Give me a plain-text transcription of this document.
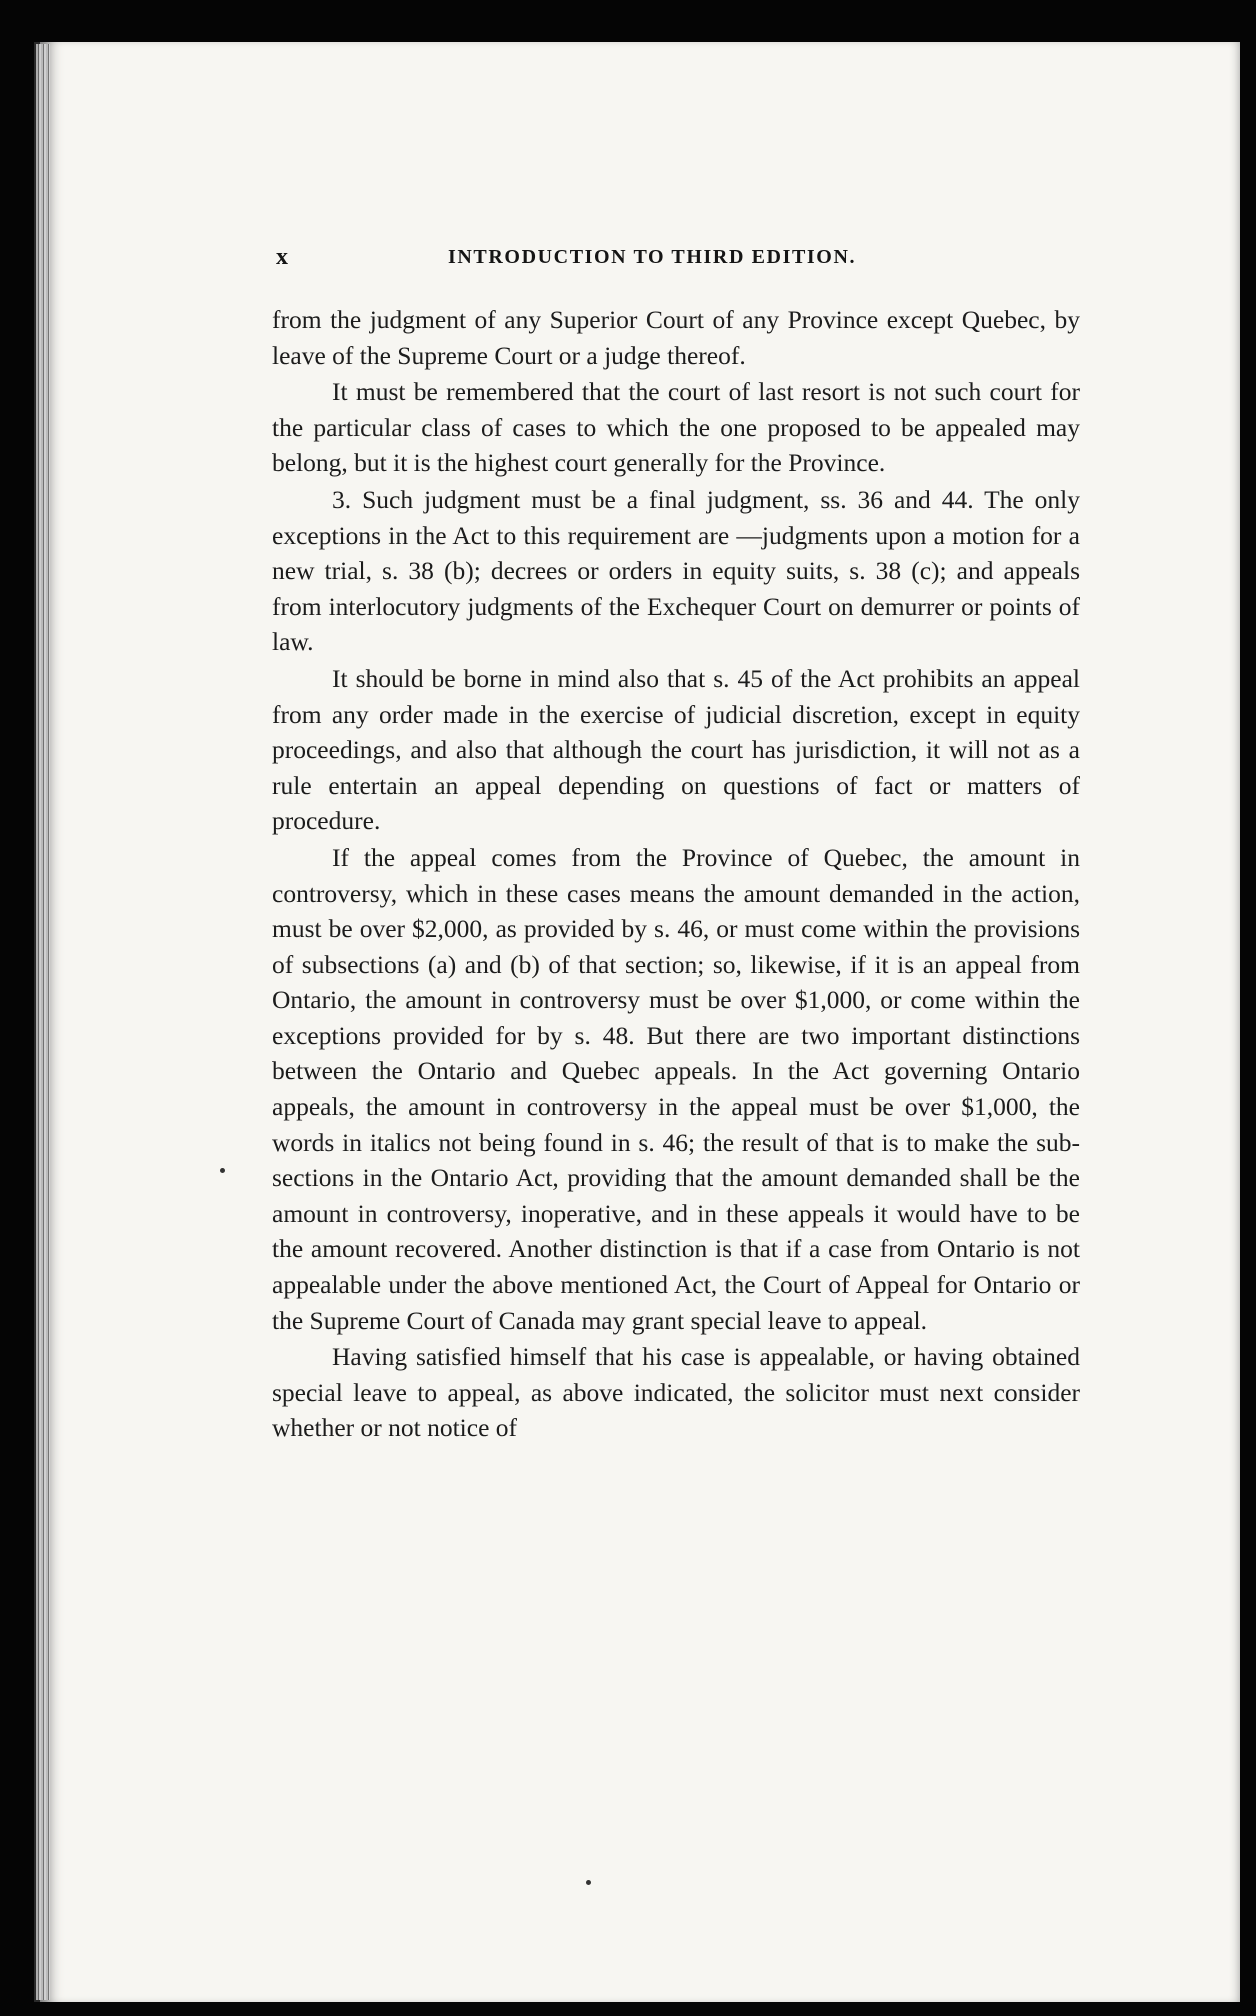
x	INTRODUCTION TO THIRD EDITION.

from the judgment of any Superior Court of any Province except Quebec, by leave of the Supreme Court or a judge thereof.

It must be remembered that the court of last resort is not such court for the particular class of cases to which the one proposed to be appealed may belong, but it is the highest court generally for the Province.

3. Such judgment must be a final judgment, ss. 36 and 44. The only exceptions in the Act to this requirement are —judgments upon a motion for a new trial, s. 38 (b); decrees or orders in equity suits, s. 38 (c); and appeals from interlocutory judgments of the Exchequer Court on demurrer or points of law.

It should be borne in mind also that s. 45 of the Act prohibits an appeal from any order made in the exercise of judicial discretion, except in equity proceedings, and also that although the court has jurisdiction, it will not as a rule entertain an appeal depending on questions of fact or matters of procedure.

If the appeal comes from the Province of Quebec, the amount in controversy, which in these cases means the amount demanded in the action, must be over $2,000, as provided by s. 46, or must come within the provisions of subsections (a) and (b) of that section; so, likewise, if it is an appeal from Ontario, the amount in controversy must be over $1,000, or come within the exceptions provided for by s. 48. But there are two important distinctions between the Ontario and Quebec appeals. In the Act governing Ontario appeals, the amount in controversy in the appeal must be over $1,000, the words in italics not being found in s. 46; the result of that is to make the sub-sections in the Ontario Act, providing that the amount demanded shall be the amount in controversy, inoperative, and in these appeals it would have to be the amount recovered. Another distinction is that if a case from Ontario is not appealable under the above mentioned Act, the Court of Appeal for Ontario or the Supreme Court of Canada may grant special leave to appeal.

Having satisfied himself that his case is appealable, or having obtained special leave to appeal, as above indicated, the solicitor must next consider whether or not notice of
